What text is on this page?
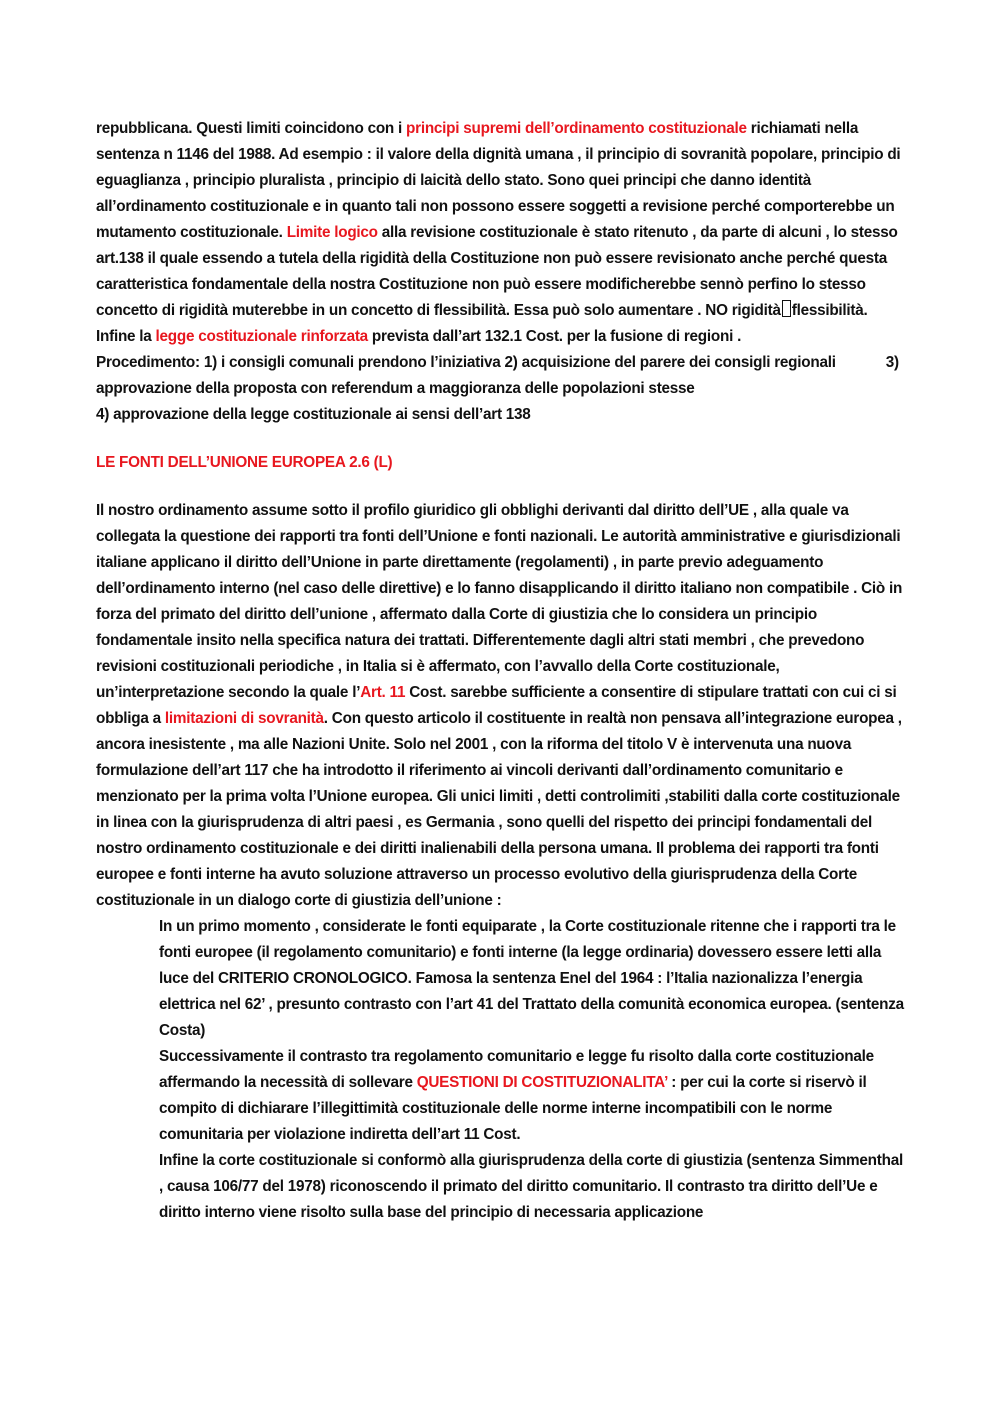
repubblicana. Questi limiti coincidono con i principi supremi dell’ordinamento costituzionale richiamati nella sentenza n 1146 del 1988. Ad esempio : il valore della dignità umana , il principio di sovranità popolare, principio di eguaglianza , principio pluralista , principio di laicità dello stato. Sono quei principi che danno identità all’ordinamento costituzionale e in quanto tali non possono essere soggetti a revisione perché comporterebbe un mutamento costituzionale. Limite logico alla revisione costituzionale è stato ritenuto , da parte di alcuni , lo stesso art.138 il quale essendo a tutela della rigidità della Costituzione non può essere revisionato anche perché questa caratteristica fondamentale della nostra Costituzione non può essere modificherebbe sennò perfino lo stesso concetto di rigidità muterebbe in un concetto di flessibilità. Essa può solo aumentare . NO rigidità flessibilità.

Infine la legge costituzionale rinforzata prevista dall’art 132.1 Cost. per la fusione di regioni .

Procedimento: 1) i consigli comunali prendono l’iniziativa 2) acquisizione del parere dei consigli regionali	3) approvazione della proposta con referendum a maggioranza delle popolazioni stesse

4) approvazione della legge costituzionale ai sensi dell’art 138

LE FONTI DELL’UNIONE EUROPEA 2.6 (L)

Il nostro ordinamento assume sotto il profilo giuridico gli obblighi derivanti dal diritto dell’UE , alla quale va collegata la questione dei rapporti tra fonti dell’Unione e fonti nazionali. Le autorità amministrative e giurisdizionali italiane applicano il diritto dell’Unione in parte direttamente (regolamenti) , in parte previo adeguamento dell’ordinamento interno (nel caso delle direttive) e lo fanno disapplicando il diritto italiano non compatibile . Ciò in forza del primato del diritto dell’unione , affermato dalla Corte di giustizia che lo considera un principio fondamentale insito nella specifica natura dei trattati. Differentemente dagli altri stati membri , che prevedono revisioni costituzionali periodiche , in Italia si è affermato, con l’avvallo della Corte costituzionale, un’interpretazione secondo la quale l’Art. 11 Cost. sarebbe sufficiente a consentire di stipulare trattati con cui ci si obbliga a limitazioni di sovranità. Con questo articolo il costituente in realtà non pensava all’integrazione europea , ancora inesistente , ma alle Nazioni Unite. Solo nel 2001 , con la riforma del titolo V è intervenuta una nuova formulazione dell’art 117 che ha introdotto il riferimento ai vincoli derivanti dall’ordinamento comunitario e menzionato per la prima volta l’Unione europea. Gli unici limiti , detti controlimiti ,stabiliti dalla corte costituzionale in linea con la giurisprudenza di altri paesi , es Germania , sono quelli del rispetto dei principi fondamentali del nostro ordinamento costituzionale e dei diritti inalienabili della persona umana. Il problema dei rapporti tra fonti europee e fonti interne ha avuto soluzione attraverso un processo evolutivo della giurisprudenza della Corte costituzionale in un dialogo corte di giustizia dell’unione :

In un primo momento , considerate le fonti equiparate , la Corte costituzionale ritenne che i rapporti tra le fonti europee (il regolamento comunitario) e fonti interne (la legge ordinaria) dovessero essere letti alla luce del CRITERIO CRONOLOGICO. Famosa la sentenza Enel del 1964 : l’Italia nazionalizza l’energia elettrica nel 62’ , presunto contrasto con l’art 41 del Trattato della comunità economica europea. (sentenza Costa)

Successivamente il contrasto tra regolamento comunitario e legge fu risolto dalla corte costituzionale affermando la necessità di sollevare QUESTIONI DI COSTITUZIONALITA’ : per cui la corte si riservò il compito di dichiarare l’illegittimità costituzionale delle norme interne incompatibili con le norme comunitaria per violazione indiretta dell’art 11 Cost.

Infine la corte costituzionale si conformò alla giurisprudenza della corte di giustizia (sentenza Simmenthal , causa 106/77 del 1978) riconoscendo il primato del diritto comunitario. Il contrasto tra diritto dell’Ue e diritto interno viene risolto sulla base del principio di necessaria applicazione
